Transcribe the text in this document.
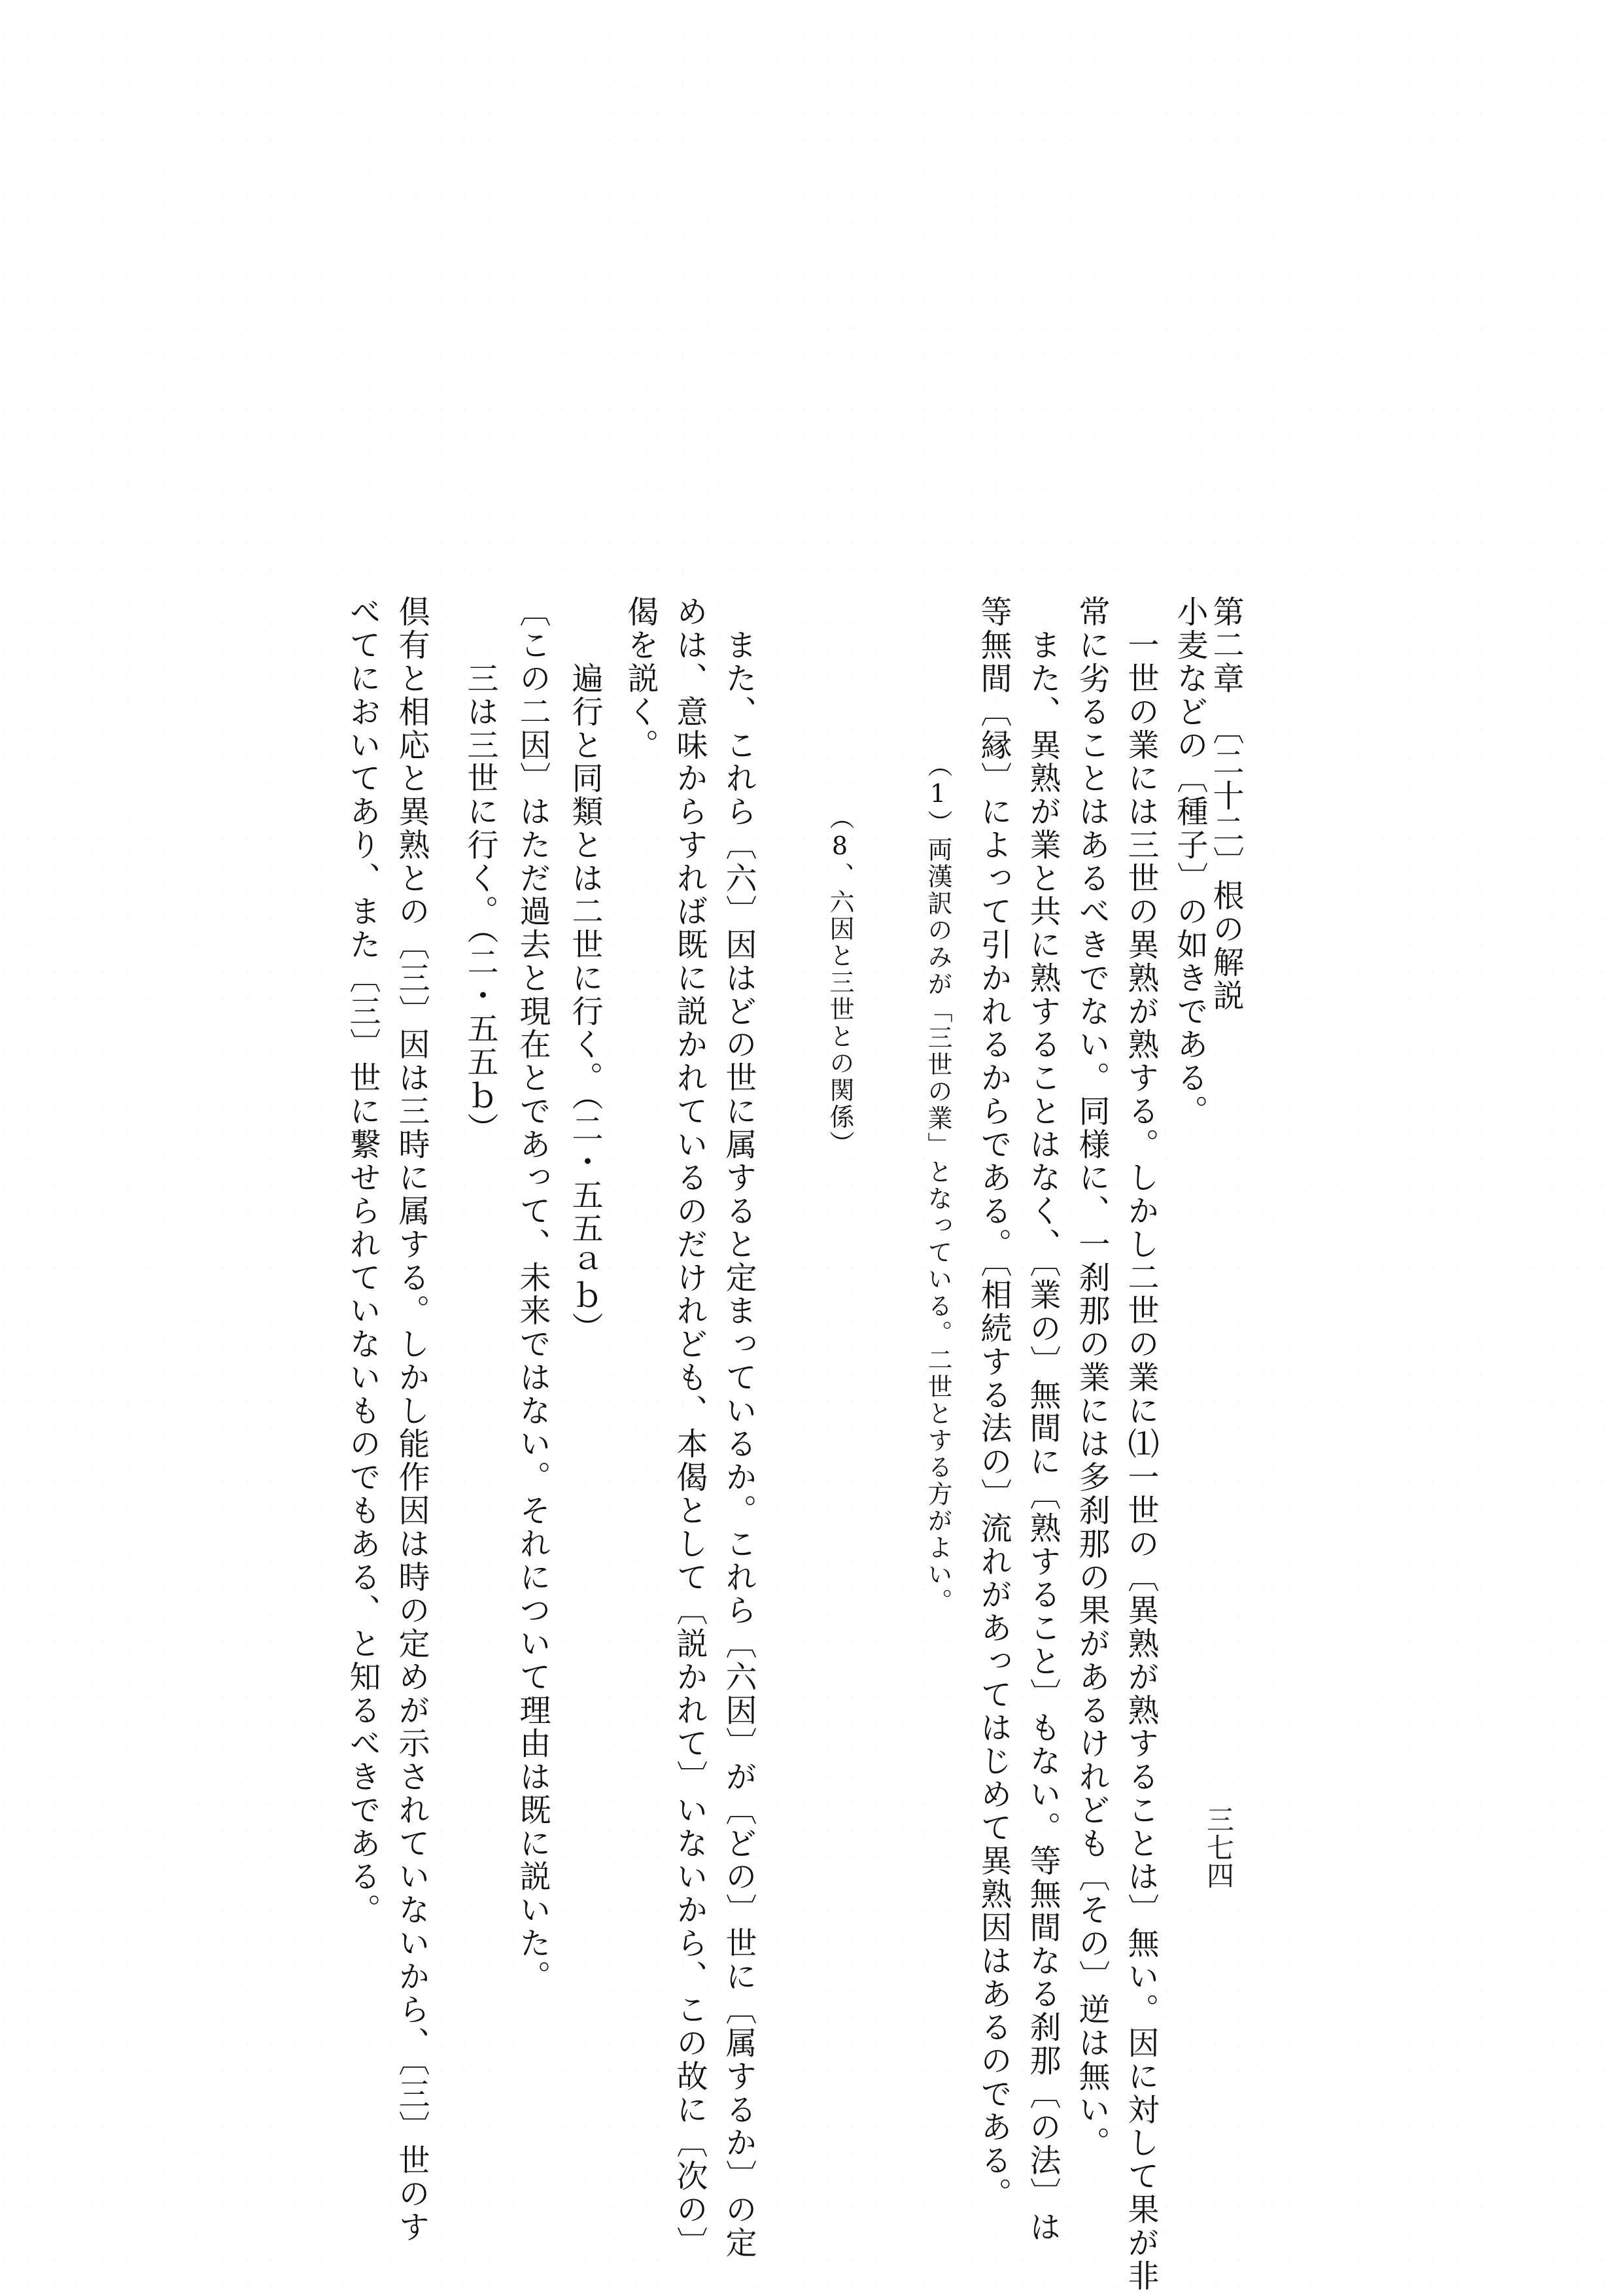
第二章　〔二十二〕根の解説
三七四
小麦などの〔種子〕の如きである。
　一世の業には三世の異熟が熟する。しかし二世の業に⑴一世の〔異熟が熟することは〕無い。因に対して果が非
常に劣ることはあるべきでない。同様に、一刹那の業には多刹那の果があるけれども〔その〕逆は無い。
　また、異熟が業と共に熟することはなく、〔業の〕無間に〔熟すること〕もない。等無間なる刹那〔の法〕は
等無間〔縁〕によって引かれるからである。〔相続する法の〕流れがあってはじめて異熟因はあるのである。
（1）両漢訳のみが「三世の業」となっている。二世とする方がよい。
（8、六因と三世との関係）
　また、これら〔六〕因はどの世に属すると定まっているか。これら〔六因〕が〔どの〕世に〔属するか〕の定
めは、意味からすれば既に説かれているのだけれども、本偈として〔説かれて〕いないから、この故に〔次の〕
偈を説く。
　　遍行と同類とは二世に行く。（二・五五ａｂ）
〔この二因〕はただ過去と現在とであって、未来ではない。それについて理由は既に説いた。
　　三は三世に行く。（二・五五ｂ）
倶有と相応と異熟との〔三〕因は三時に属する。しかし能作因は時の定めが示されていないから、〔三〕世のす
べてにおいてあり、また〔三〕世に繋せられていないものでもある、と知るべきである。
